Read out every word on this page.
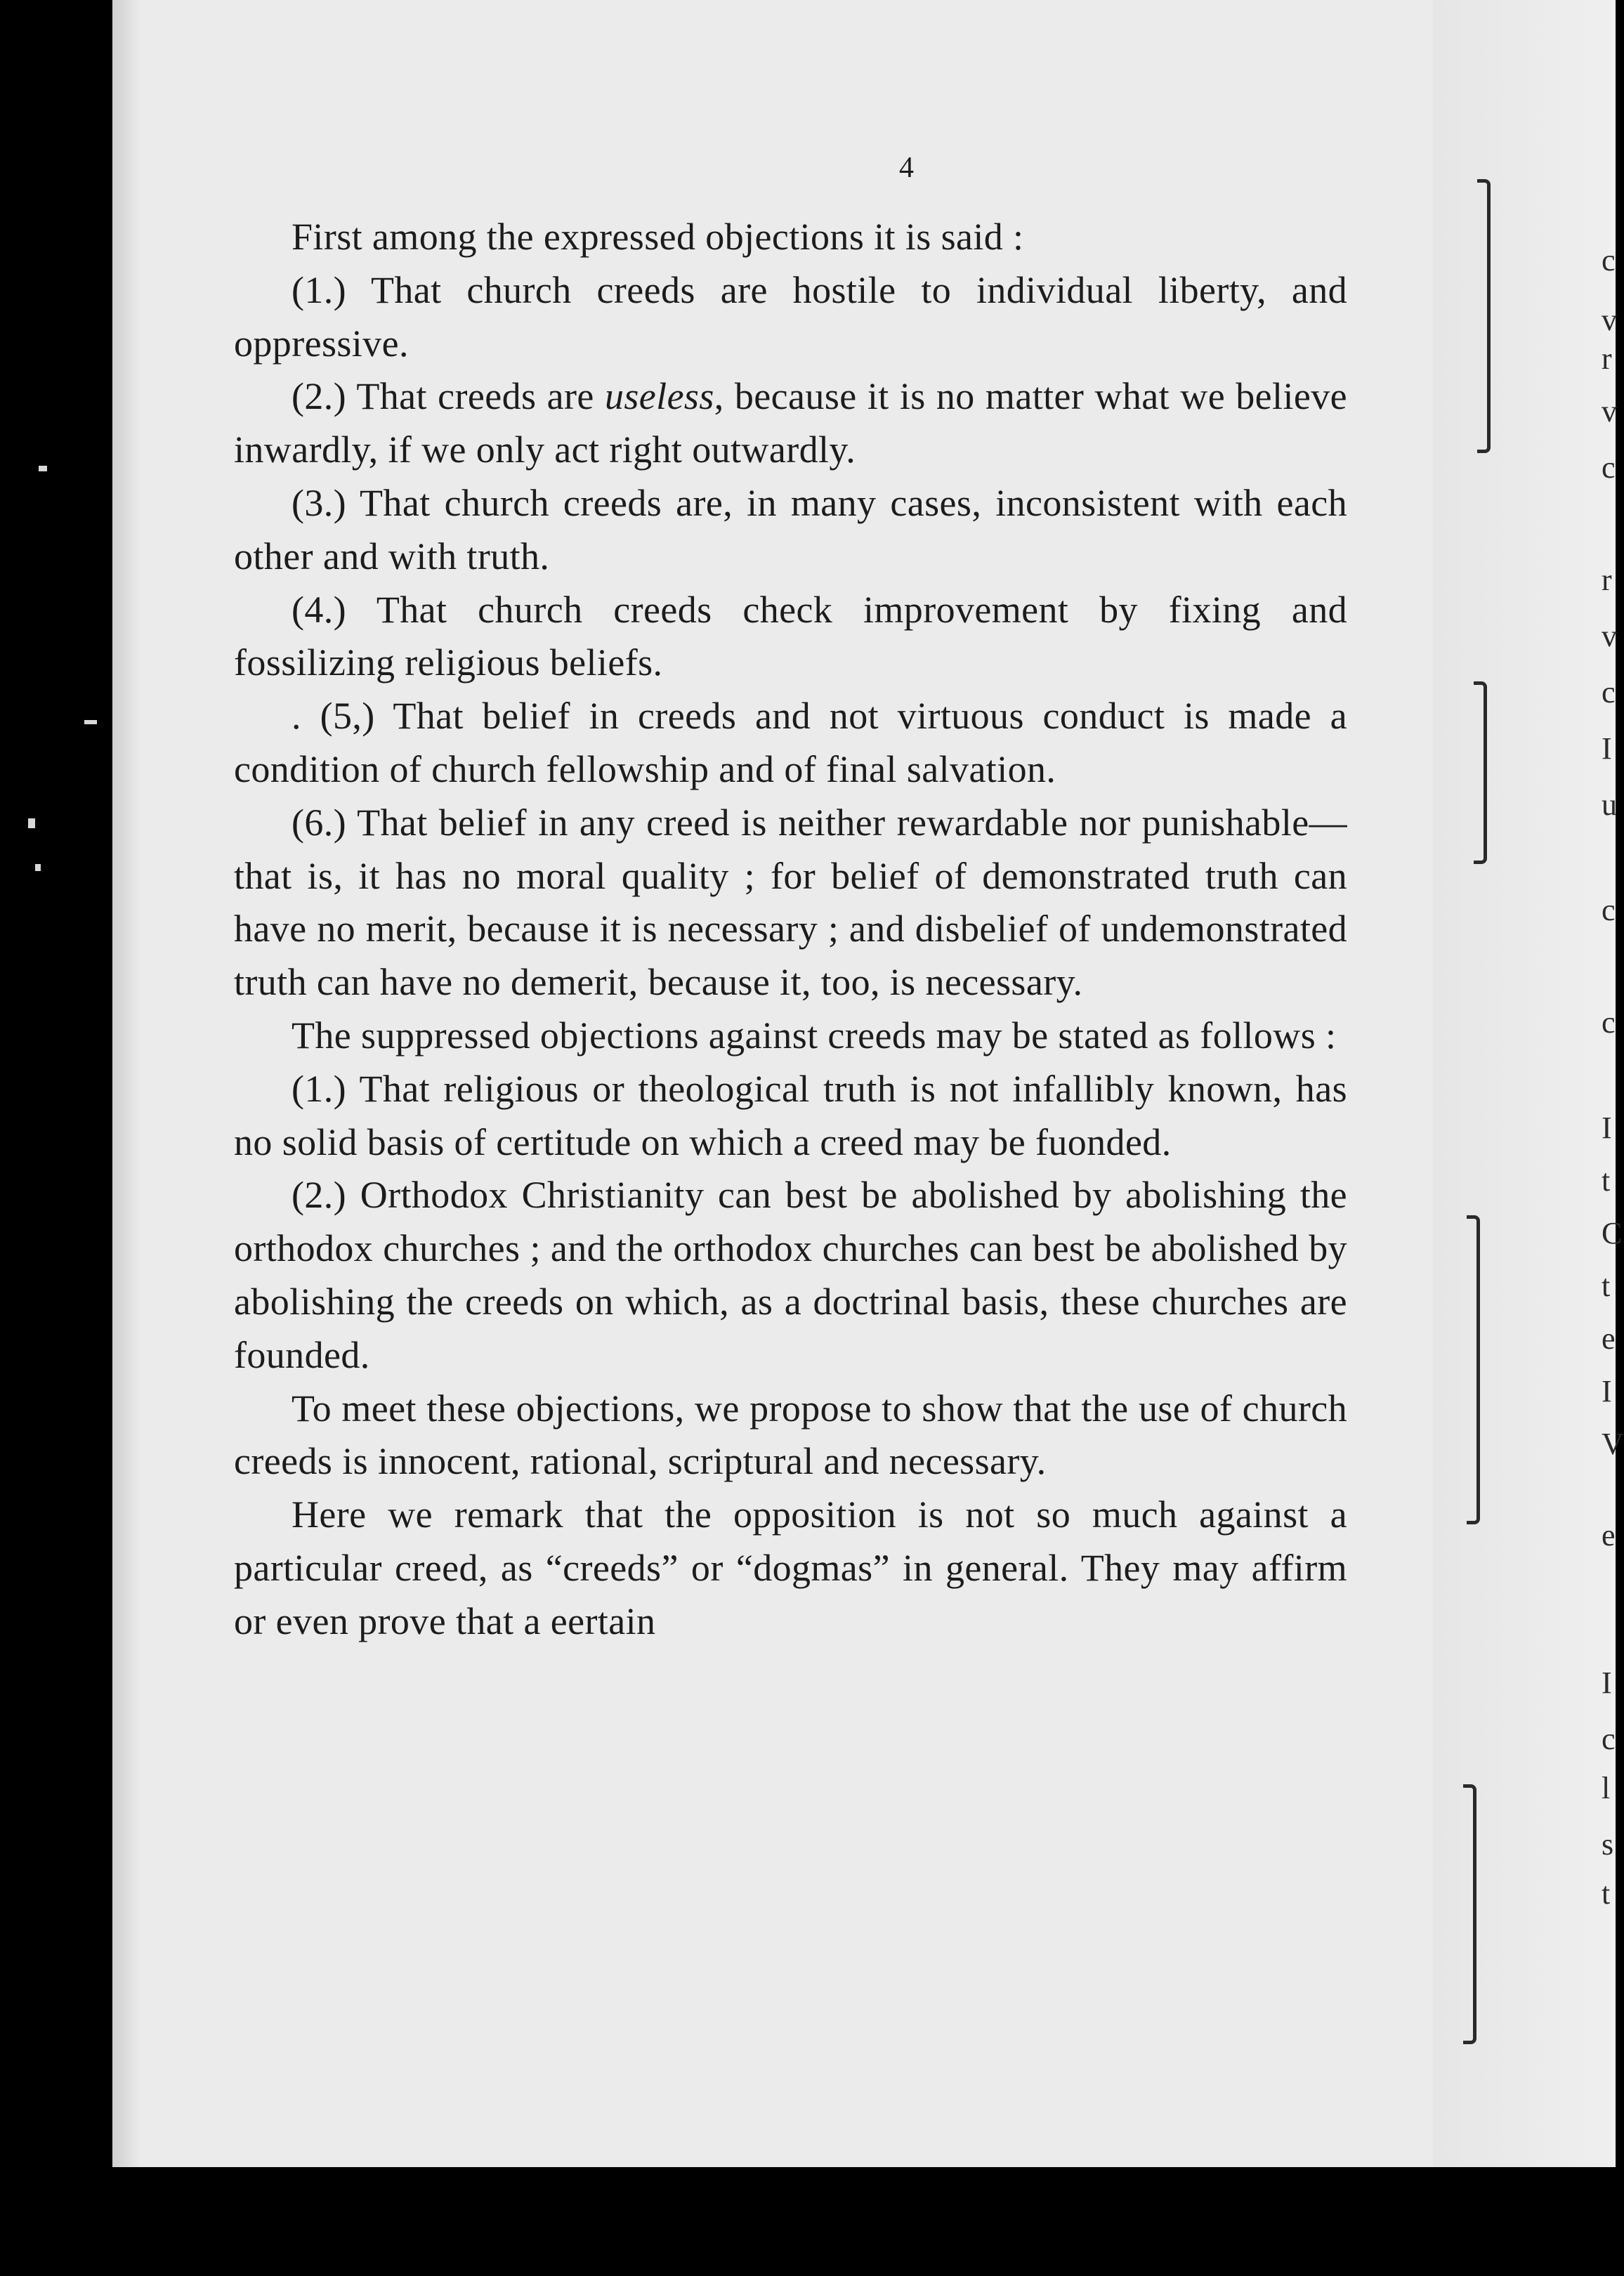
4

First among the expressed objections it is said :

(1.) That church creeds are hostile to individual liberty, and oppressive.

(2.) That creeds are useless, because it is no matter what we believe inwardly, if we only act right outwardly.

(3.) That church creeds are, in many cases, inconsistent with each other and with truth.

(4.) That church creeds check improvement by fixing and fossilizing religious beliefs.

. (5,) That belief in creeds and not virtuous conduct is made a condition of church fellowship and of final salvation.

(6.) That belief in any creed is neither rewardable nor punishable—that is, it has no moral quality ; for belief of demonstrated truth can have no merit, because it is necessary ; and disbelief of undemonstrated truth can have no demerit, because it, too, is necessary.

The suppressed objections against creeds may be stated as follows :

(1.) That religious or theological truth is not infallibly known, has no solid basis of certitude on which a creed may be fuonded.

(2.) Orthodox Christianity can best be abolished by abolishing the orthodox churches ; and the orthodox churches can best be abolished by abolishing the creeds on which, as a doctrinal basis, these churches are founded.

To meet these objections, we propose to show that the use of church creeds is innocent, rational, scriptural and necessary.

Here we remark that the opposition is not so much against a particular creed, as “creeds” or “dogmas” in general. They may affirm or even prove that a eertain

c
v
r
v
c
r
v
c
I
u
c
c
I
t
C
t
e
I
V
e
I
c
l
s
t
